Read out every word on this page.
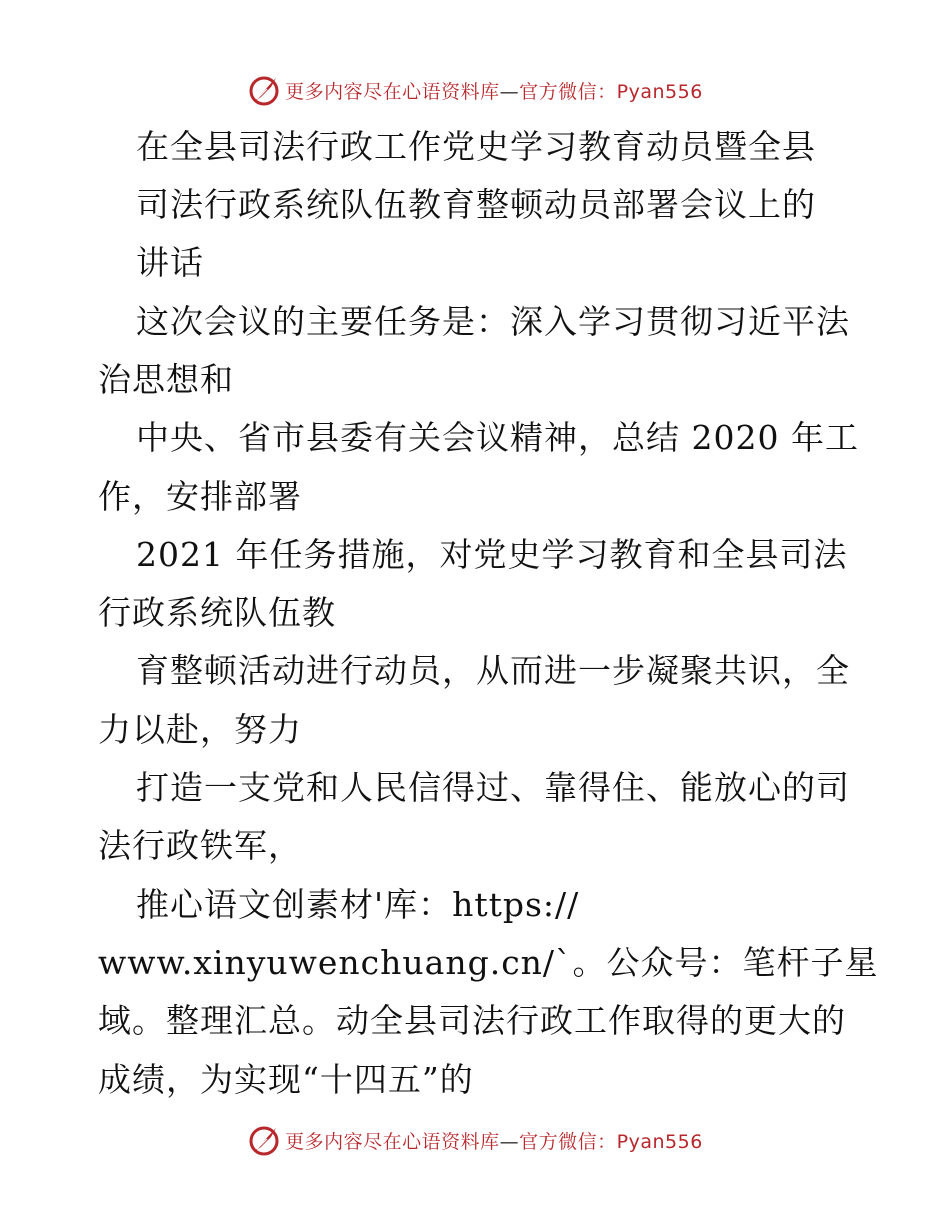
更多内容尽在心语资料库—官方微信：Pyan556
在全县司法行政工作党史学习教育动员暨全县
司法行政系统队伍教育整顿动员部署会议上的
讲话
这次会议的主要任务是：深入学习贯彻习近平法
治思想和
中央、省市县委有关会议精神，总结 2020 年工
作，安排部署
2021 年任务措施，对党史学习教育和全县司法
行政系统队伍教
育整顿活动进行动员，从而进一步凝聚共识，全
力以赴，努力
打造一支党和人民信得过、靠得住、能放心的司
法行政铁军，
推心语文创素材'库：https://
www.xinyuwenchuang.cn/`。公众号：笔杆子星
域。整理汇总。动全县司法行政工作取得的更大的
成绩，为实现“十四五”的
更多内容尽在心语资料库—官方微信：Pyan556
